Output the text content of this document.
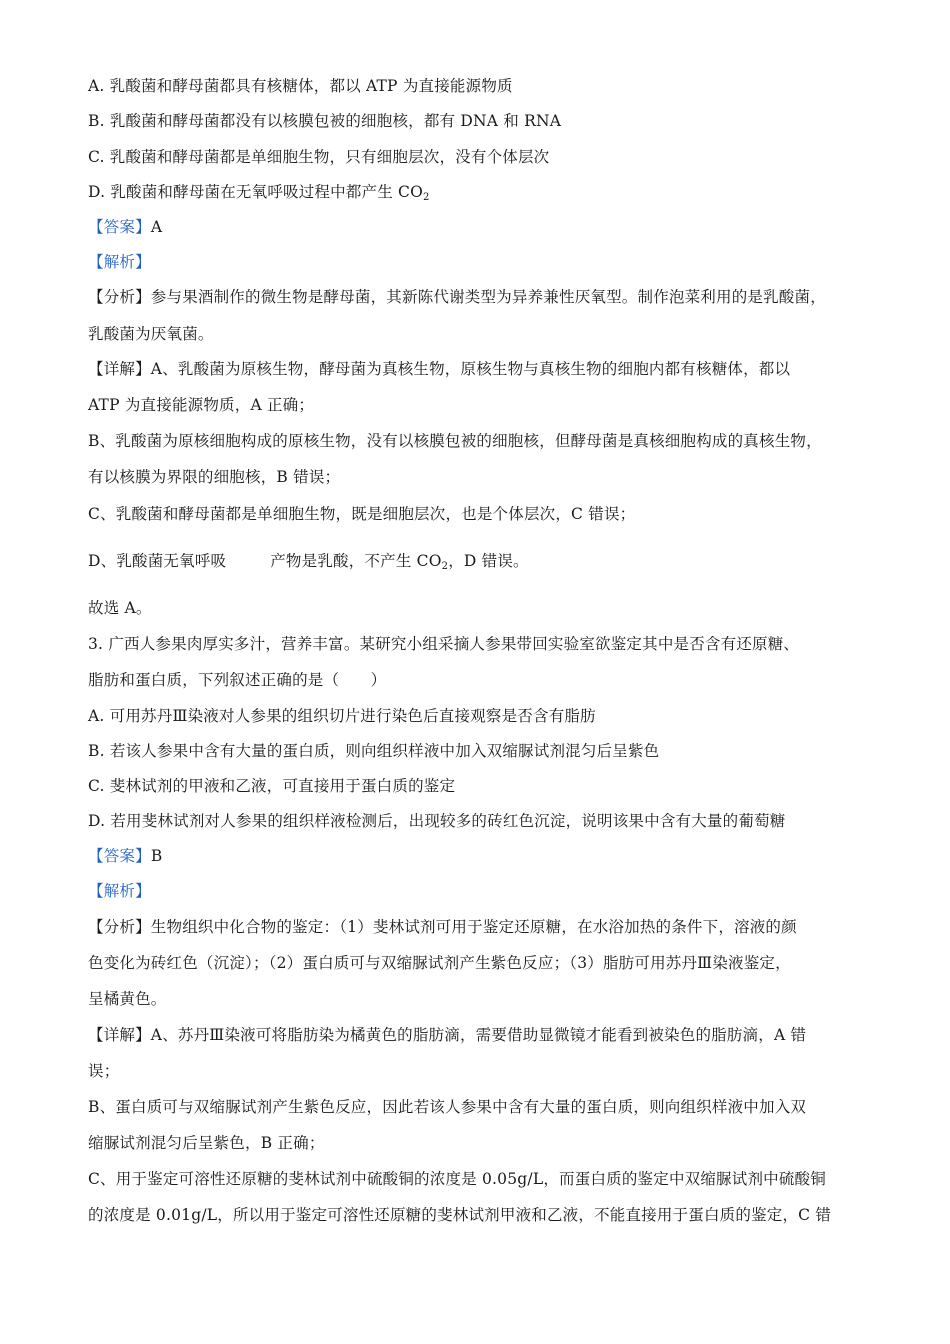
A. 乳酸菌和酵母菌都具有核糖体，都以 ATP 为直接能源物质
B. 乳酸菌和酵母菌都没有以核膜包被的细胞核，都有 DNA 和 RNA
C. 乳酸菌和酵母菌都是单细胞生物，只有细胞层次，没有个体层次
D. 乳酸菌和酵母菌在无氧呼吸过程中都产生 $CO_2$
【答案】A
【解析】
【分析】参与果酒制作的微生物是酵母菌，其新陈代谢类型为异养兼性厌氧型。制作泡菜利用的是乳酸菌，
乳酸菌为厌氧菌。
【详解】A、乳酸菌为原核生物，酵母菌为真核生物，原核生物与真核生物的细胞内都有核糖体，都以
ATP 为直接能源物质，A 正确；
B、乳酸菌为原核细胞构成的原核生物，没有以核膜包被的细胞核，但酵母菌是真核细胞构成的真核生物，
有以核膜为界限的细胞核，B 错误；
C、乳酸菌和酵母菌都是单细胞生物，既是细胞层次，也是个体层次，C 错误；
D、乳酸菌无氧呼吸	产物是乳酸，不产生 $CO_2$，D 错误。
故选 A。
3. 广西人参果肉厚实多汁，营养丰富。某研究小组采摘人参果带回实验室欲鉴定其中是否含有还原糖、
脂肪和蛋白质，下列叙述正确的是（　　）
A. 可用苏丹Ⅲ染液对人参果的组织切片进行染色后直接观察是否含有脂肪
B. 若该人参果中含有大量的蛋白质，则向组织样液中加入双缩脲试剂混匀后呈紫色
C. 斐林试剂的甲液和乙液，可直接用于蛋白质的鉴定
D. 若用斐林试剂对人参果的组织样液检测后，出现较多的砖红色沉淀，说明该果中含有大量的葡萄糖
【答案】B
【解析】
【分析】生物组织中化合物的鉴定：（1）斐林试剂可用于鉴定还原糖，在水浴加热的条件下，溶液的颜
色变化为砖红色（沉淀）；（2）蛋白质可与双缩脲试剂产生紫色反应；（3）脂肪可用苏丹Ⅲ染液鉴定，
呈橘黄色。
【详解】A、苏丹Ⅲ染液可将脂肪染为橘黄色的脂肪滴，需要借助显微镜才能看到被染色的脂肪滴，A 错
误；
B、蛋白质可与双缩脲试剂产生紫色反应，因此若该人参果中含有大量的蛋白质，则向组织样液中加入双
缩脲试剂混匀后呈紫色，B 正确；
C、用于鉴定可溶性还原糖的斐林试剂中硫酸铜的浓度是 0.05g/L，而蛋白质的鉴定中双缩脲试剂中硫酸铜
的浓度是 0.01g/L，所以用于鉴定可溶性还原糖的斐林试剂甲液和乙液，不能直接用于蛋白质的鉴定，C 错
